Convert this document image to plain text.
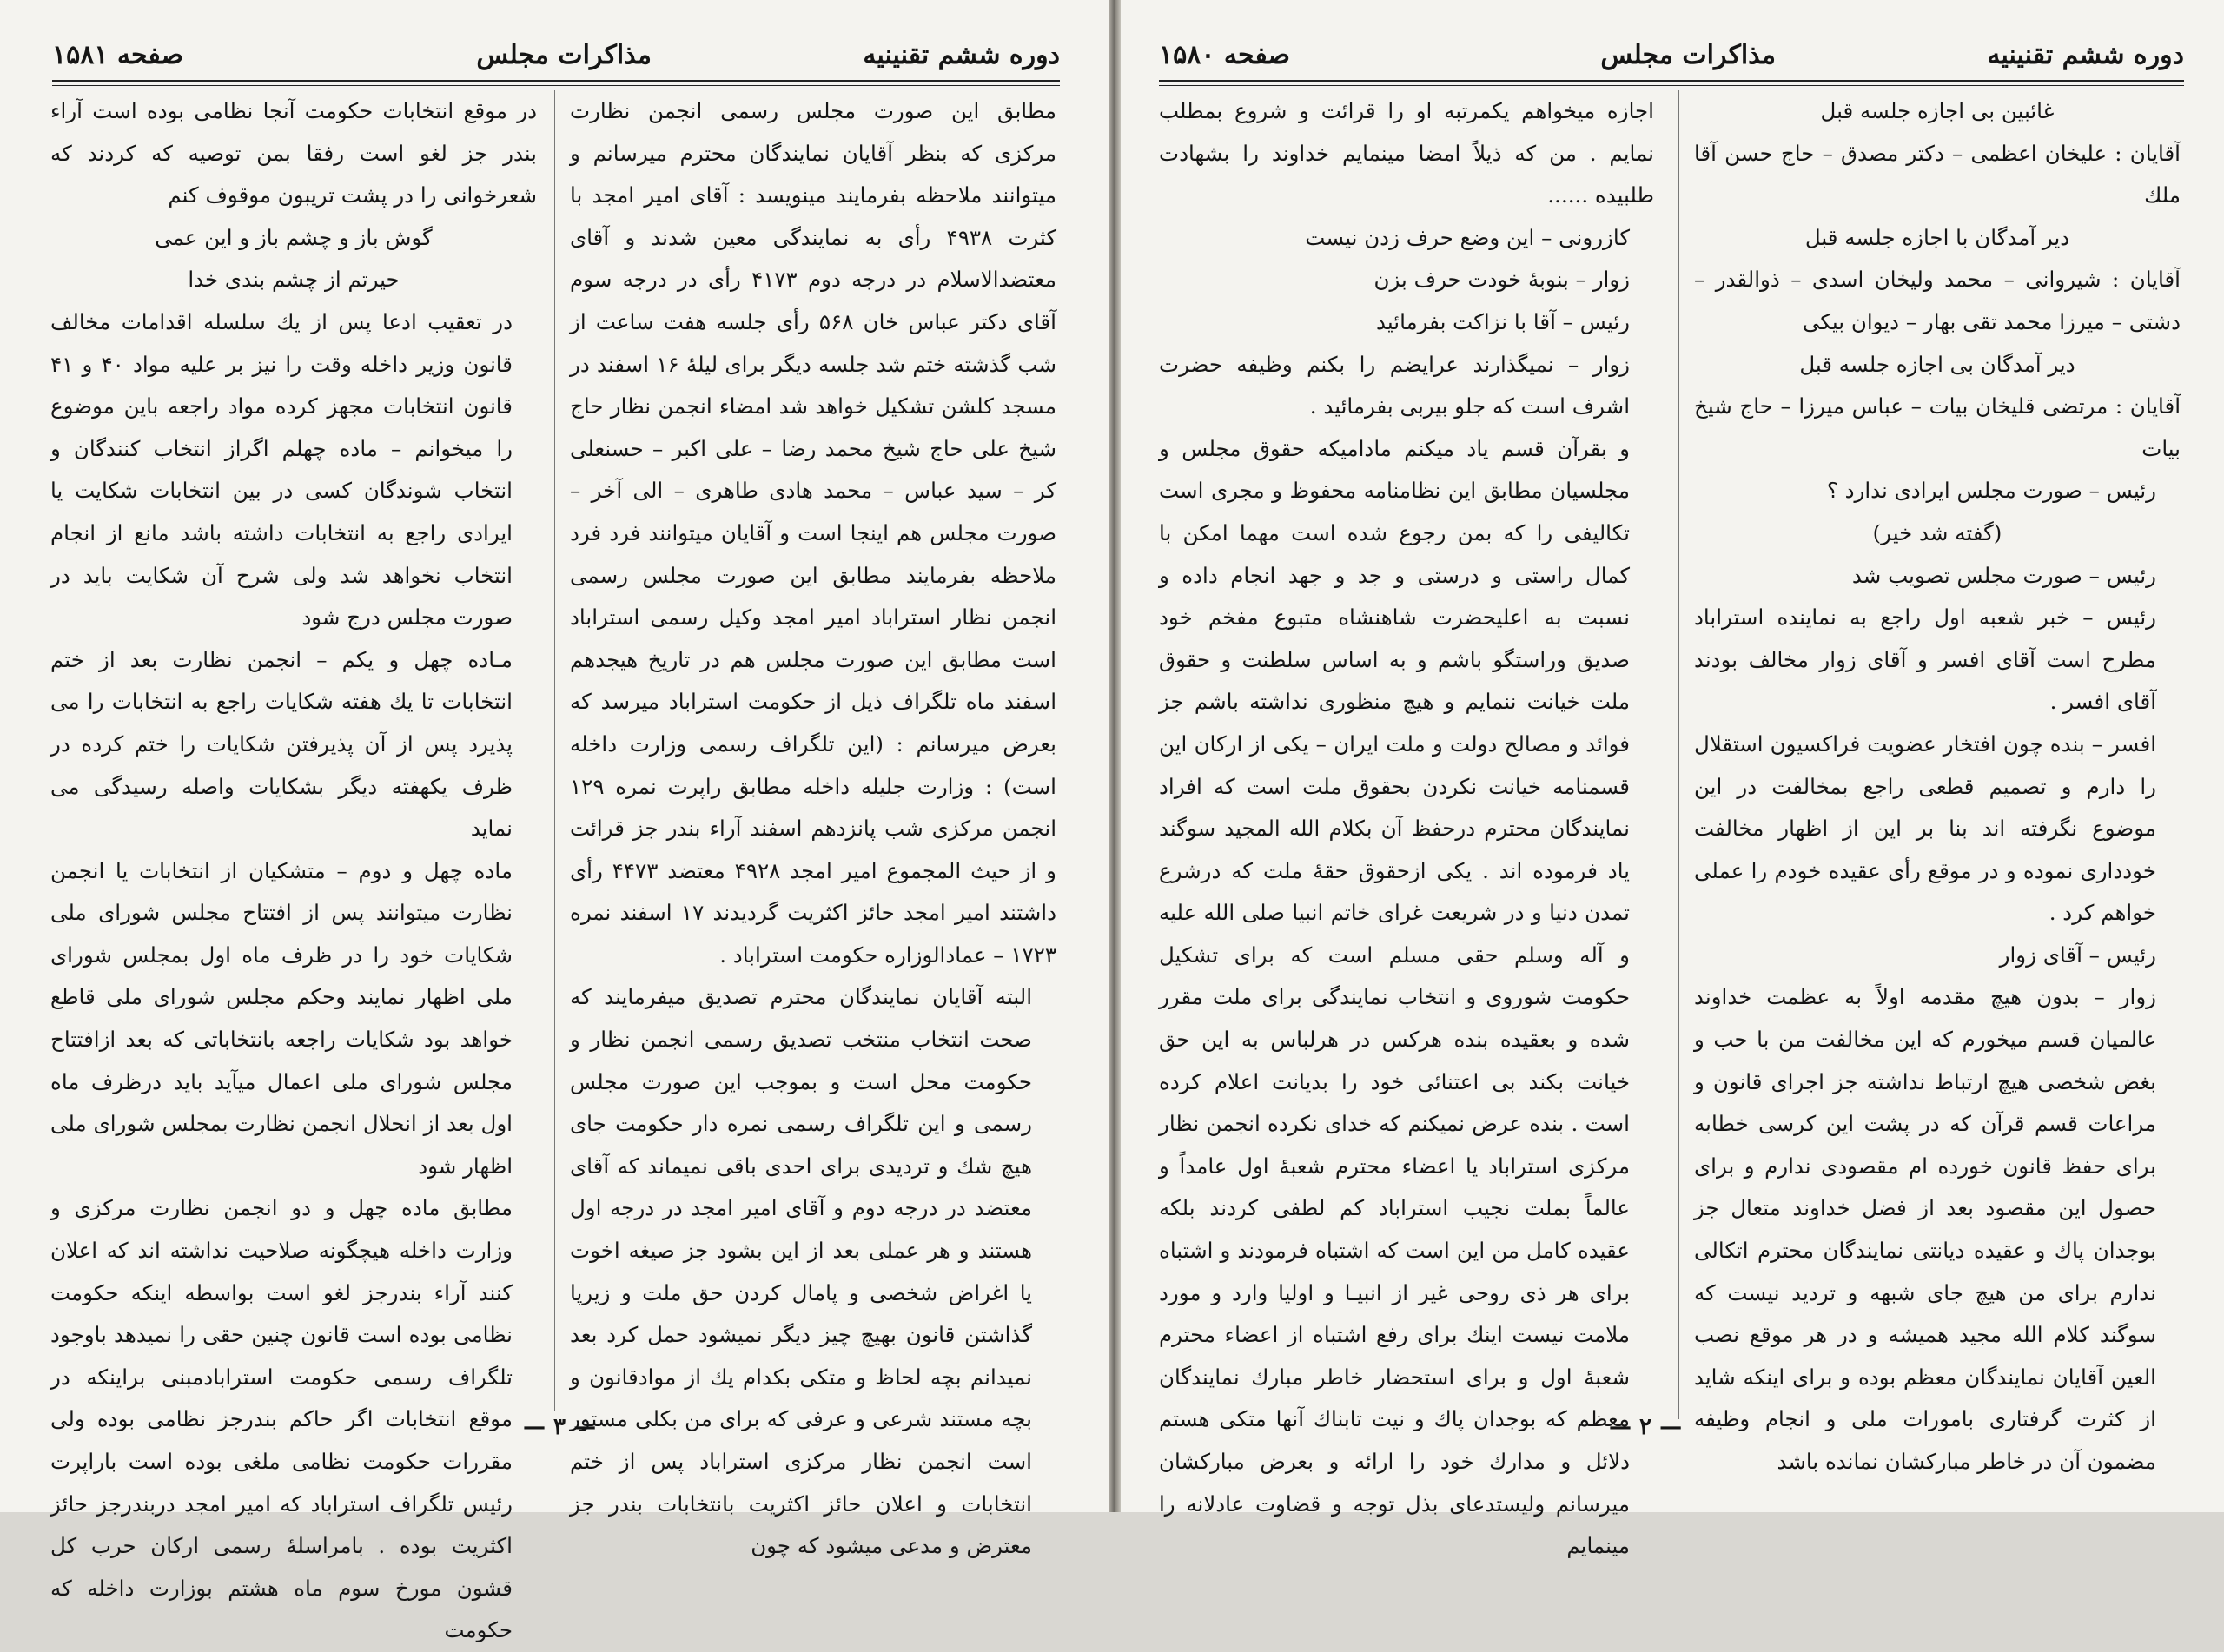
دوره ششم تقنینیه
مذاکرات مجلس
صفحه ۱۵۸۱

مطابق این صورت مجلس رسمی انجمن نظارت مرکزی که بنظر آقایان نمایندگان محترم میرسانم و میتوانند ملاحظه بفرمایند مینویسد : آقای امیر امجد با کثرت ۴۹۳۸ رأی به نمایندگی معین شدند و آقای معتضدالاسلام در درجه دوم ۴۱۷۳ رأی در درجه سوم آقای دکتر عباس خان ۵۶۸ رأی جلسه هفت ساعت از شب گذشته ختم شد جلسه دیگر برای لیلهٔ ۱۶ اسفند در مسجد کلشن تشکیل خواهد شد امضاء انجمن نظار حاج شیخ علی حاج شیخ محمد رضا – علی اکبر – حسنعلی کر – سید عباس – محمد هادی طاهری – الی آخر – صورت مجلس هم اینجا است و آقایان میتوانند فرد فرد ملاحظه بفرمایند مطابق این صورت مجلس رسمی انجمن نظار استراباد امیر امجد وکیل رسمی استراباد است مطابق این صورت مجلس هم در تاریخ هیجدهم اسفند ماه تلگراف ذیل از حکومت استراباد میرسد که بعرض میرسانم : (این تلگراف رسمی وزارت داخله است) : وزارت جلیله داخله مطابق راپرت نمره ۱۲۹ انجمن مرکزی شب پانزدهم اسفند آراء بندر جز قرائت و از حیث المجموع امیر امجد ۴۹۲۸ معتضد ۴۴۷۳ رأی داشتند امیر امجد حائز اکثریت گردیدند ۱۷ اسفند نمره ۱۷۲۳ – عمادالوزاره حکومت استراباد .

البته آقایان نمایندگان محترم تصدیق میفرمایند که صحت انتخاب منتخب تصدیق رسمی انجمن نظار و حکومت محل است و بموجب این صورت مجلس رسمی و این تلگراف رسمی نمره دار حکومت جای هیچ شك و تردیدی برای احدی باقی نمیماند که آقای معتضد در درجه دوم و آقای امیر امجد در درجه اول هستند و هر عملی بعد از این بشود جز صیغه اخوت یا اغراض شخصی و پامال کردن حق ملت و زیرپا گذاشتن قانون بهیچ چیز دیگر نمیشود حمل کرد بعد نمیدانم بچه لحاظ و متکی بکدام یك از موادقانون و بچه مستند شرعی و عرفی که برای من بکلی مستور است انجمن نظار مرکزی استراباد پس از ختم انتخابات و اعلان حائز اکثریت بانتخابات بندر جز معترض و مدعی میشود که چون

در موقع انتخابات حکومت آنجا نظامی بوده است آراء بندر جز لغو است رفقا بمن توصیه که کردند که شعرخوانی را در پشت تریبون موقوف کنم

گوش باز و چشم باز و این عمی

حیرتم از چشم بندی خدا

در تعقیب ادعا پس از یك سلسله اقدامات مخالف قانون وزیر داخله وقت را نیز بر علیه مواد ۴۰ و ۴۱ قانون انتخابات مجهز کرده مواد راجعه باین موضوع را میخوانم – ماده چهلم اگراز انتخاب کنندگان و انتخاب شوندگان کسی در بین انتخابات شکایت یا ایرادی راجع به انتخابات داشته باشد مانع از انجام انتخاب نخواهد شد ولی شرح آن شکایت باید در صورت مجلس درج شود

مـاده چهل و یکم – انجمن نظارت بعد از ختم انتخابات تا یك هفته شکایات راجع به انتخابات را می پذیرد پس از آن پذیرفتن شکایات را ختم کرده در ظرف یکهفته دیگر بشکایات واصله رسیدگی می نماید

ماده چهل و دوم – متشکیان از انتخابات یا انجمن نظارت میتوانند پس از افتتاح مجلس شورای ملی شکایات خود را در ظرف ماه اول بمجلس شورای ملی اظهار نمایند وحکم مجلس شورای ملی قاطع خواهد بود شکایات راجعه بانتخاباتی که بعد ازافتتاح مجلس شورای ملی اعمال میآید باید درظرف ماه اول بعد از انحلال انجمن نظارت بمجلس شورای ملی اظهار شود

مطابق ماده چهل و دو انجمن نظارت مرکزی و وزارت داخله هیچگونه صلاحیت نداشته اند که اعلان کنند آراء بندرجز لغو است بواسطه اینکه حکومت نظامی بوده است قانون چنین حقی را نمیدهد باوجود تلگراف رسمی حکومت استرابادمبنی براینکه در موقع انتخابات اگر حاکم بندرجز نظامی بوده ولی مقررات حکومت نظامی ملغی بوده است باراپرت رئیس تلگراف استراباد که امیر امجد دربندرجز حائز اکثریت بوده . بامراسلهٔ رسمی ارکان حرب کل قشون مورخ سوم ماه هشتم بوزارت داخله که حکومت

— ۳ —
دوره ششم تقنینیه
مذاکرات مجلس
صفحه ۱۵۸۰

غائبین بی اجازه جلسه قبل

آقایان : علیخان اعظمی – دکتر مصدق – حاج حسن آقا ملك

دیر آمدگان با اجازه جلسه قبل

آقایان : شیروانی – محمد ولیخان اسدی – ذوالقدر – دشتی – میرزا محمد تقی بهار – دیوان بیکی

دیر آمدگان بی اجازه جلسه قبل

آقایان : مرتضی قلیخان بیات – عباس میرزا – حاج شیخ بیات

رئیس – صورت مجلس ایرادی ندارد ؟

(گفته شد خیر)

رئیس – صورت مجلس تصویب شد

رئیس – خبر شعبه اول راجع به نماینده استراباد مطرح است آقای افسر و آقای زوار مخالف بودند آقای افسر .

افسر – بنده چون افتخار عضویت فراکسیون استقلال را دارم و تصمیم قطعی راجع بمخالفت در این موضوع نگرفته اند بنا بر این از اظهار مخالفت خودداری نموده و در موقع رأی عقیده خودم را عملی خواهم کرد .

رئیس – آقای زوار

زوار – بدون هیچ مقدمه اولاً به عظمت خداوند عالمیان قسم میخورم که این مخالفت من با حب و بغض شخصی هیچ ارتباط نداشته جز اجرای قانون و مراعات قسم قرآن که در پشت این کرسی خطابه برای حفظ قانون خورده ام مقصودی ندارم و برای حصول این مقصود بعد از فضل خداوند متعال جز بوجدان پاك و عقیده دیانتی نمایندگان محترم اتکالی ندارم برای من هیچ جای شبهه و تردید نیست که سوگند کلام الله مجید همیشه و در هر موقع نصب العین آقایان نمایندگان معظم بوده و برای اینکه شاید از کثرت گرفتاری بامورات ملی و انجام وظیفه مضمون آن در خاطر مبارکشان نمانده باشد

اجازه میخواهم یکمرتبه او را قرائت و شروع بمطلب نمایم . من که ذیلاً امضا مینمایم خداوند را بشهادت طلبیده ......

کازرونی – این وضع حرف زدن نیست

زوار – بنوبهٔ خودت حرف بزن

رئیس – آقا با نزاکت بفرمائید

زوار – نمیگذارند عرایضم را بکنم وظیفه حضرت اشرف است که جلو بیربی بفرمائید .

و بقرآن قسم یاد میکنم مادامیکه حقوق مجلس و مجلسیان مطابق این نظامنامه محفوظ و مجری است تکالیفی را که بمن رجوع شده است مهما امکن با کمال راستی و درستی و جد و جهد انجام داده و نسبت به اعلیحضرت شاهنشاه متبوع مفخم خود صدیق وراستگو باشم و به اساس سلطنت و حقوق ملت خیانت ننمایم و هیچ منظوری نداشته باشم جز فوائد و مصالح دولت و ملت ایران – یکی از ارکان این قسمنامه خیانت نکردن بحقوق ملت است که افراد نمایندگان محترم درحفظ آن بکلام الله المجید سوگند یاد فرموده اند . یکی ازحقوق حقهٔ ملت که درشرع تمدن دنیا و در شریعت غرای خاتم انبیا صلی الله علیه و آله وسلم حقی مسلم است که برای تشکیل حکومت شوروی و انتخاب نمایندگی برای ملت مقرر شده و بعقیده بنده هرکس در هرلباس به این حق خیانت بکند بی اعتنائی خود را بدیانت اعلام کرده است . بنده عرض نمیکنم که خدای نکرده انجمن نظار مرکزی استراباد یا اعضاء محترم شعبهٔ اول عامداً و عالماً بملت نجیب استراباد کم لطفی کردند بلکه عقیده کامل من این است که اشتباه فرمودند و اشتباه برای هر ذی روحی غیر از انبیـا و اولیا وارد و مورد ملامت نیست اینك برای رفع اشتباه از اعضاء محترم شعبهٔ اول و برای استحضار خاطر مبارك نمایندگان معظم که بوجدان پاك و نیت تابناك آنها متکی هستم دلائل و مدارك خود را ارائه و بعرض مبارکشان میرسانم ولیستدعای بذل توجه و قضاوت عادلانه را مینمایم

— ۲ —
